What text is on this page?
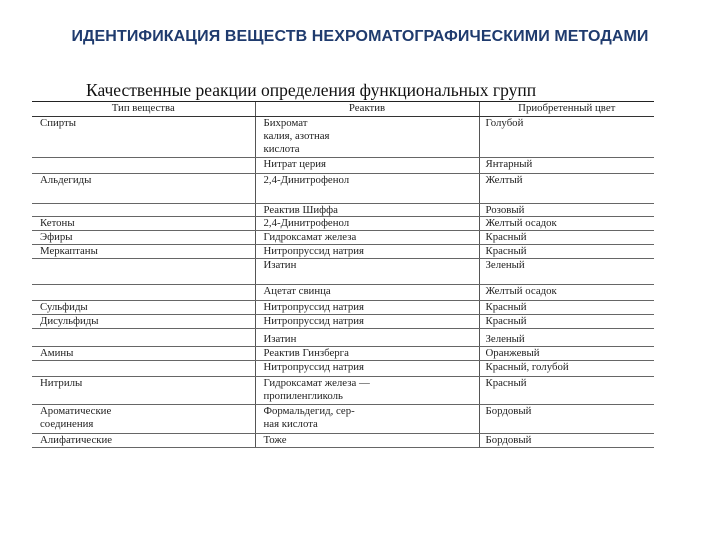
ИДЕНТИФИКАЦИЯ ВЕЩЕСТВ НЕХРОМАТОГРАФИЧЕСКИМИ МЕТОДАМИ
Качественные реакции определения функциональных групп
Тип вещества	Реактив	Приобретенный цвет
Спирты	Бихромат	Голубой
	калия, азотная	
	кислота	
	Нитрат церия	Янтарный
Альдегиды	2,4-Динитрофенол	Желтый

	Реактив Шиффа	Розовый
Кетоны	2,4-Динитрофенол	Желтый осадок
Эфиры	Гидроксамат железа	Красный
Меркаптаны	Нитропруссид натрия	Красный
	Изатин	Зеленый

	Ацетат свинца	Желтый осадок
Сульфиды	Нитропруссид натрия	Красный
Дисульфиды	Нитропруссид натрия	Красный

	Изатин	Зеленый
Амины	Реактив Гинзберга	Оранжевый
	Нитропруссид натрия	Красный, голубой
Нитрилы	Гидроксамат железа —	Красный
	пропиленгликоль	
Ароматические	Формальдегид, сер-	Бордовый
соединения	ная кислота	
Алифатические	Тоже	Бордовый
